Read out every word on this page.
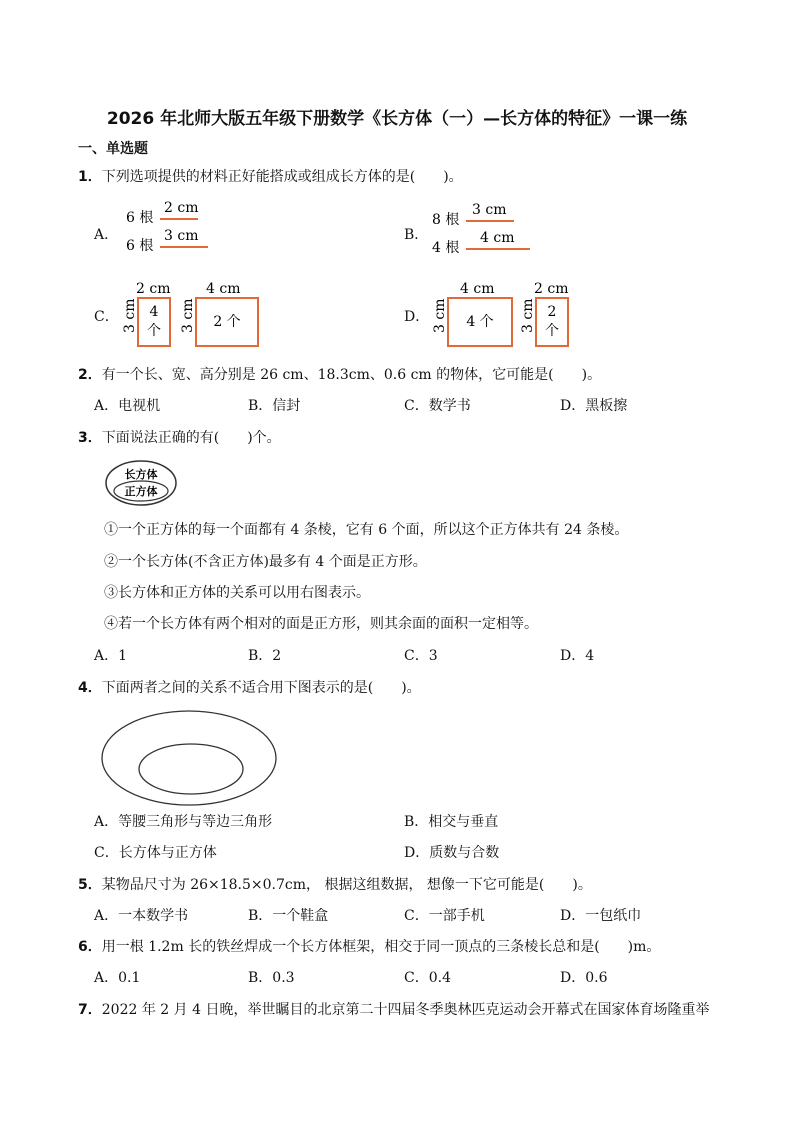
2026 年北师大版五年级下册数学《长方体（一）—长方体的特征》一课一练
一、单选题
1．下列选项提供的材料正好能搭成或组成长方体的是(　　)。
A．
6 根
2 cm
6 根
3 cm	B．
8 根
3 cm
4 根
4 cm
C．
2 cm
3 cm 4
个
4 cm
3 cm 2 个	D． 3 cm
4 cm
4 个 3 cm
2 cm
2
个
2．有一个长、宽、高分别是 26 cm、18.3cm、0.6 cm 的物体，它可能是(　　)。
A．电视机	B．信封	C．数学书	D．黑板擦
3．下面说法正确的有(　　)个。
长方体
正方体
①一个正方体的每一个面都有 4 条棱，它有 6 个面，所以这个正方体共有 24 条棱。
②一个长方体(不含正方体)最多有 4 个面是正方形。
③长方体和正方体的关系可以用右图表示。
④若一个长方体有两个相对的面是正方形，则其余面的面积一定相等。
A．1	B．2	C．3	D．4
4．下面两者之间的关系不适合用下图表示的是(　　)。
A．等腰三角形与等边三角形	B．相交与垂直
C．长方体与正方体	D．质数与合数
5．某物品尺寸为 26×18.5×0.7cm， 根据这组数据， 想像一下它可能是(　　)。
A．一本数学书	B．一个鞋盒	C．一部手机	D．一包纸巾
6．用一根 1.2m 长的铁丝焊成一个长方体框架，相交于同一顶点的三条棱长总和是(　　)m。
A．0.1	B．0.3	C．0.4	D．0.6
7．2022 年 2 月 4 日晚，举世瞩目的北京第二十四届冬季奥林匹克运动会开幕式在国家体育场隆重举
